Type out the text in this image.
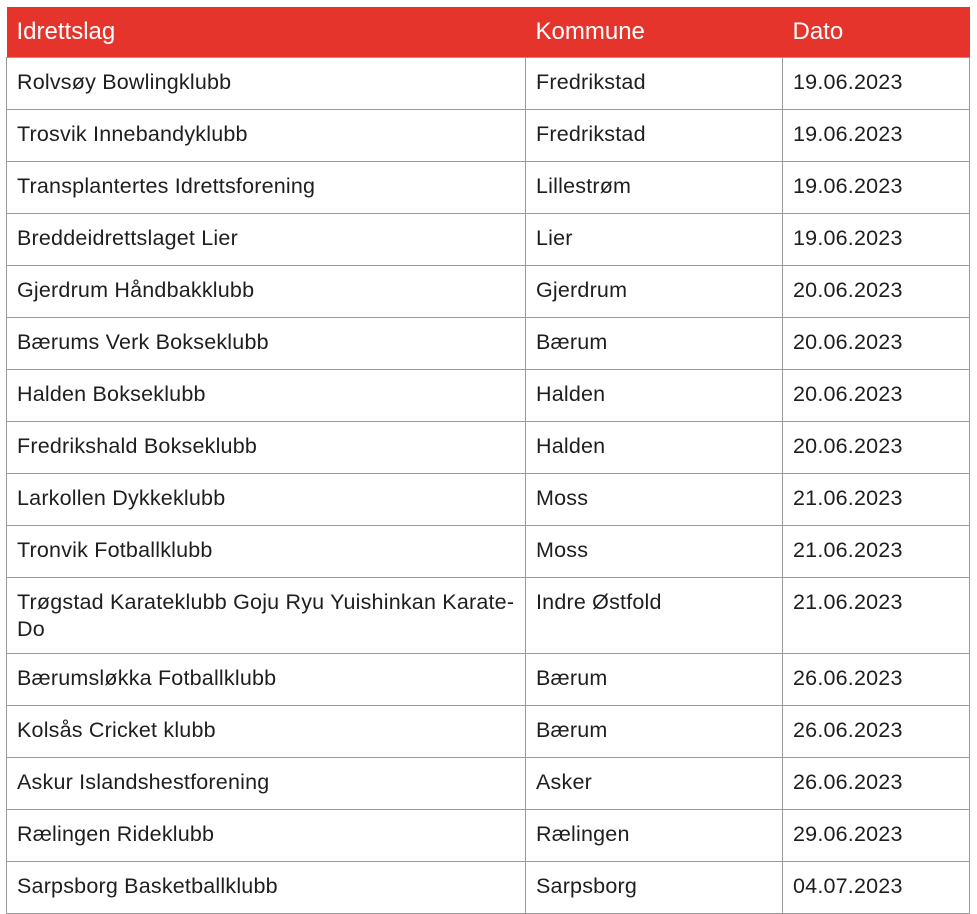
Idrettslag	Kommune	Dato
Rolvsøy Bowlingklubb	Fredrikstad	19.06.2023
Trosvik Innebandyklubb	Fredrikstad	19.06.2023
Transplantertes Idrettsforening	Lillestrøm	19.06.2023
Breddeidrettslaget Lier	Lier	19.06.2023
Gjerdrum Håndbakklubb	Gjerdrum	20.06.2023
Bærums Verk Bokseklubb	Bærum	20.06.2023
Halden Bokseklubb	Halden	20.06.2023
Fredrikshald Bokseklubb	Halden	20.06.2023
Larkollen Dykkeklubb	Moss	21.06.2023
Tronvik Fotballklubb	Moss	21.06.2023
Trøgstad Karateklubb Goju Ryu Yuishinkan Karate-Do	Indre Østfold	21.06.2023
Bærumsløkka Fotballklubb	Bærum	26.06.2023
Kolsås Cricket klubb	Bærum	26.06.2023
Askur Islandshestforening	Asker	26.06.2023
Rælingen Rideklubb	Rælingen	29.06.2023
Sarpsborg Basketballklubb	Sarpsborg	04.07.2023
